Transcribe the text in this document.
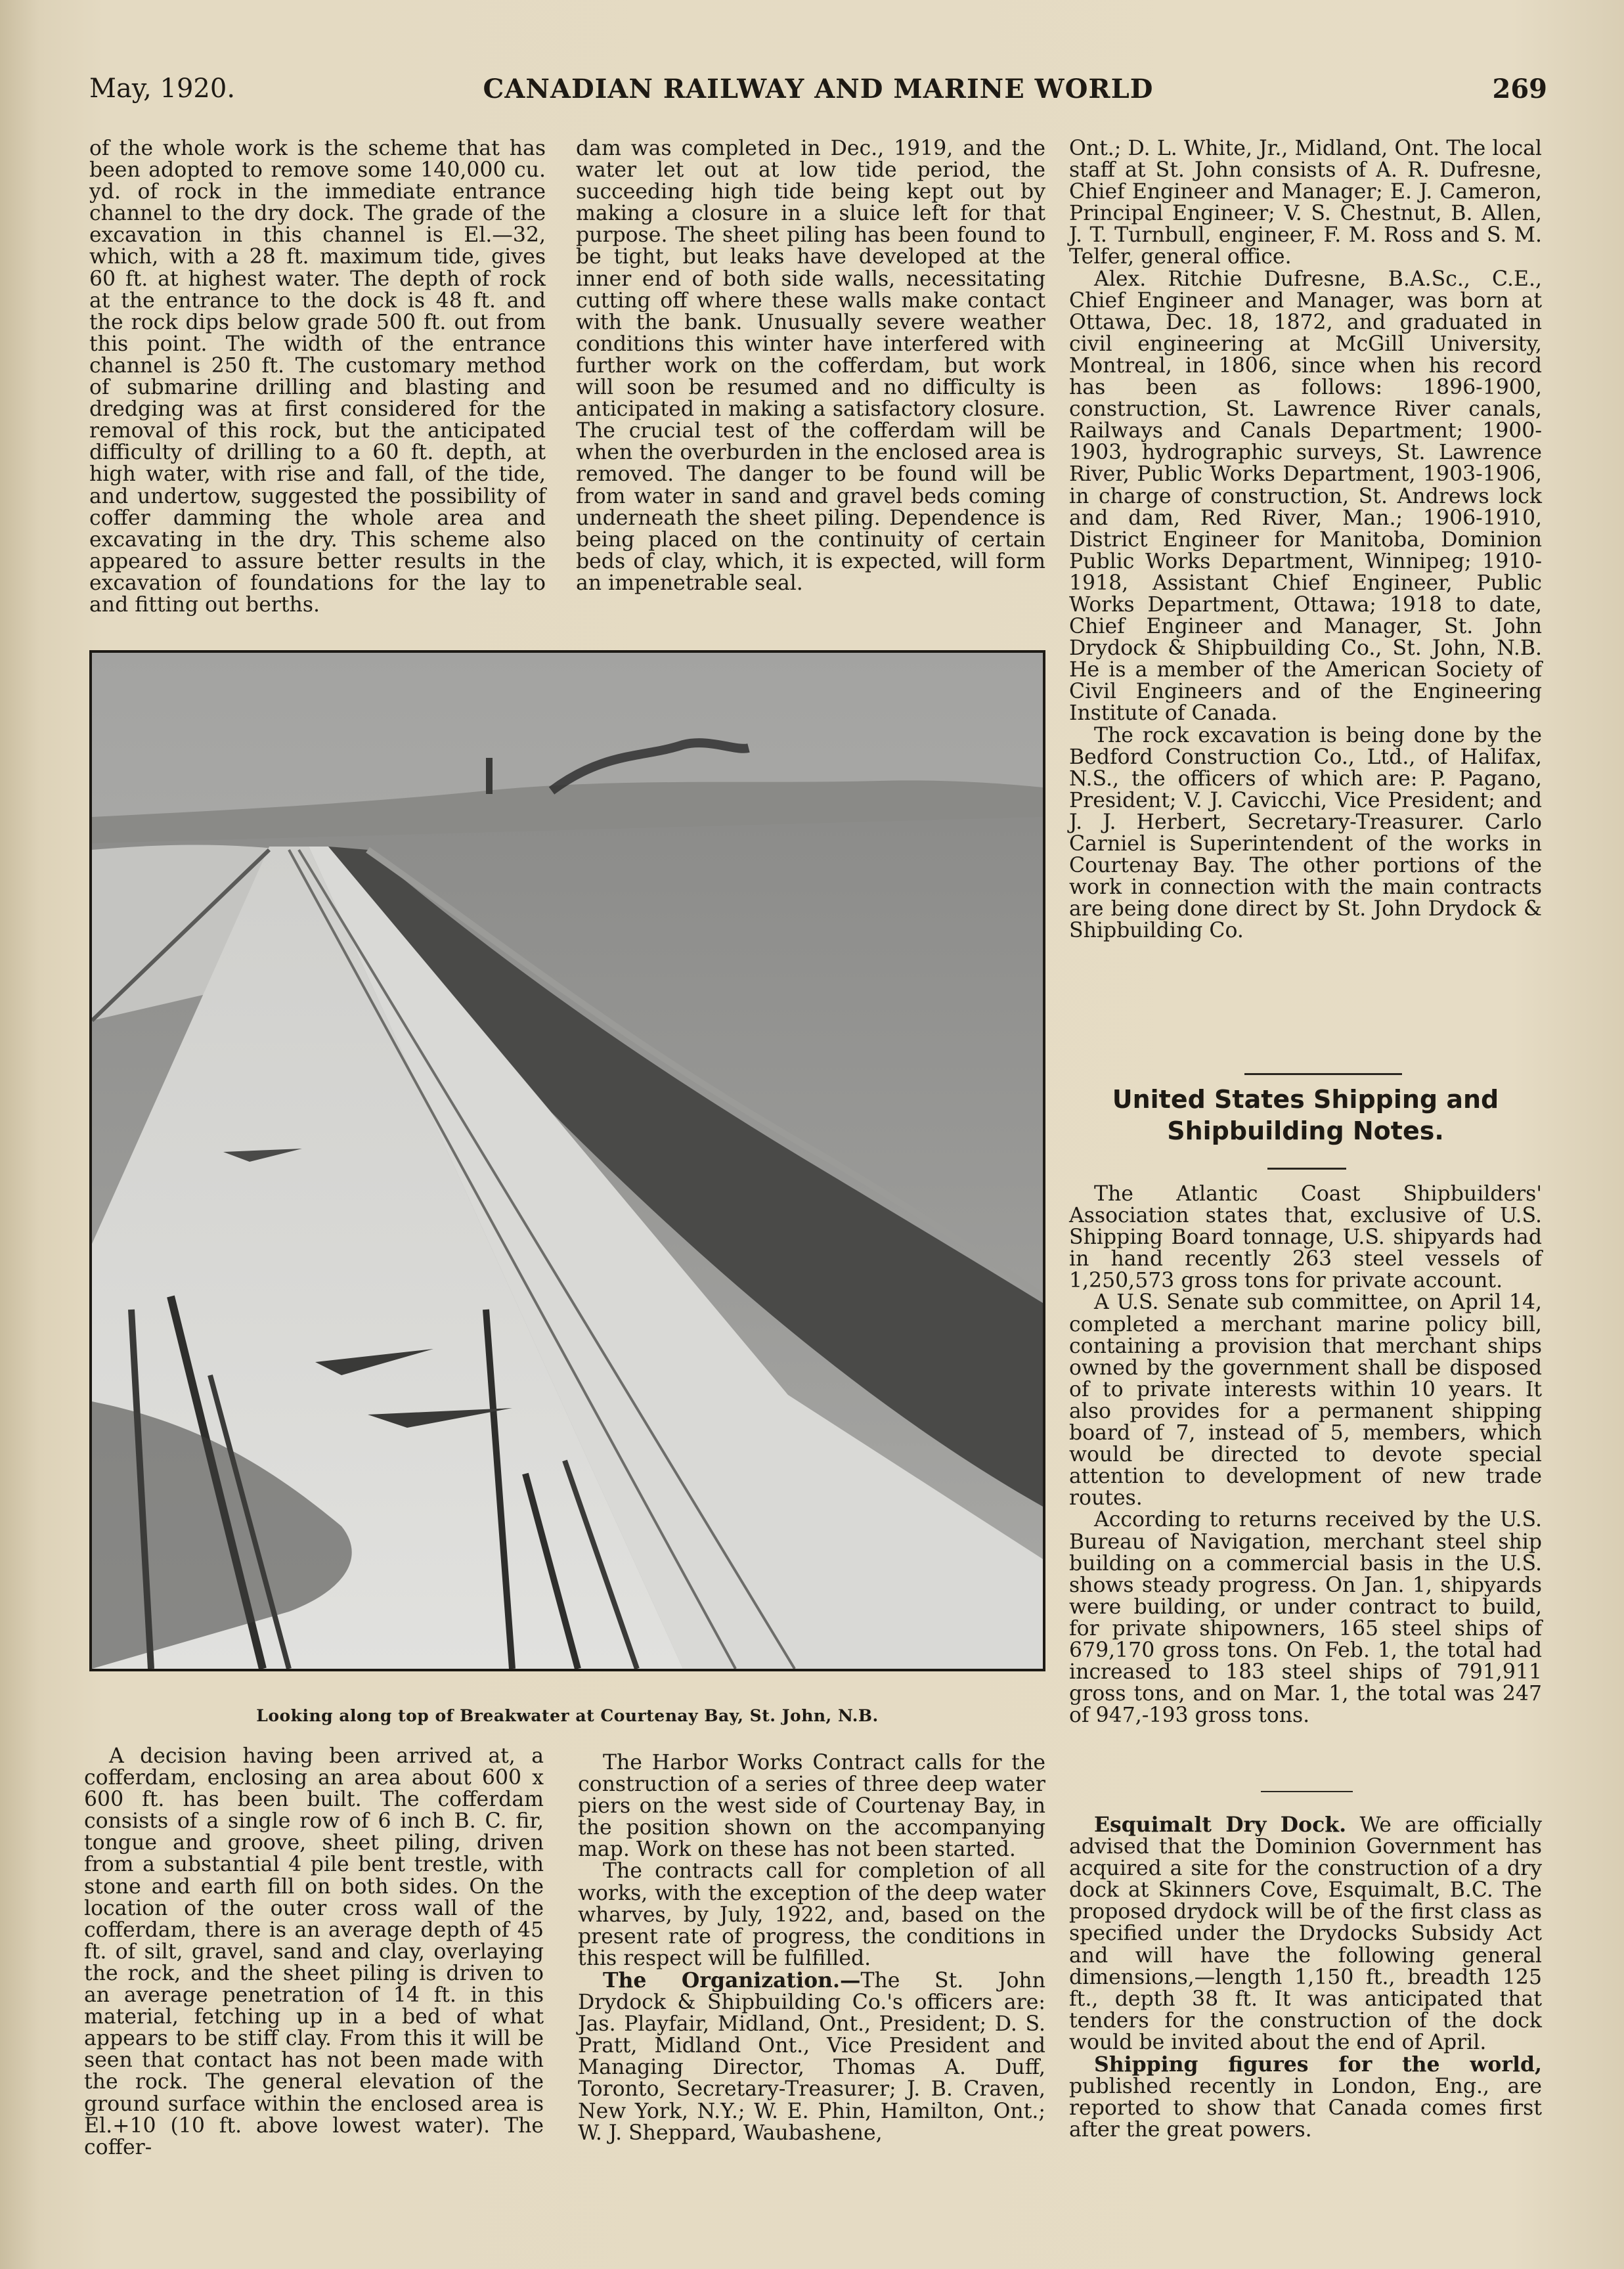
May, 1920.	CANADIAN RAILWAY AND MARINE WORLD	269

of the whole work is the scheme that has been adopted to remove some 140,000 cu. yd. of rock in the immediate entrance channel to the dry dock. The grade of the excavation in this channel is El.—32, which, with a 28 ft. maximum tide, gives 60 ft. at highest water. The depth of rock at the entrance to the dock is 48 ft. and the rock dips below grade 500 ft. out from this point. The width of the entrance channel is 250 ft. The customary method of submarine drilling and blasting and dredging was at first considered for the removal of this rock, but the anticipated difficulty of drilling to a 60 ft. depth, at high water, with rise and fall, of the tide, and undertow, suggested the possibility of coffer damming the whole area and excavating in the dry. This scheme also appeared to assure better results in the excavation of foundations for the lay to and fitting out berths.

dam was completed in Dec., 1919, and the water let out at low tide period, the succeeding high tide being kept out by making a closure in a sluice left for that purpose. The sheet piling has been found to be tight, but leaks have developed at the inner end of both side walls, necessitating cutting off where these walls make contact with the bank. Unusually severe weather conditions this winter have interfered with further work on the cofferdam, but work will soon be resumed and no difficulty is anticipated in making a satisfactory closure. The crucial test of the cofferdam will be when the overburden in the enclosed area is removed. The danger to be found will be from water in sand and gravel beds coming underneath the sheet piling. Dependence is being placed on the continuity of certain beds of clay, which, it is expected, will form an impenetrable seal.

Ont.; D. L. White, Jr., Midland, Ont. The local staff at St. John consists of A. R. Dufresne, Chief Engineer and Manager; E. J. Cameron, Principal Engineer; V. S. Chestnut, B. Allen, J. T. Turnbull, engineer, F. M. Ross and S. M. Telfer, general office.

Alex. Ritchie Dufresne, B.A.Sc., C.E., Chief Engineer and Manager, was born at Ottawa, Dec. 18, 1872, and graduated in civil engineering at McGill University, Montreal, in 1806, since when his record has been as follows: 1896-1900, construction, St. Lawrence River canals, Railways and Canals Department; 1900-1903, hydrographic surveys, St. Lawrence River, Public Works Department, 1903-1906, in charge of construction, St. Andrews lock and dam, Red River, Man.; 1906-1910, District Engineer for Manitoba, Dominion Public Works Department, Winnipeg; 1910-1918, Assistant Chief Engineer, Public Works Department, Ottawa; 1918 to date, Chief Engineer and Manager, St. John Drydock & Shipbuilding Co., St. John, N.B. He is a member of the American Society of Civil Engineers and of the Engineering Institute of Canada.

The rock excavation is being done by the Bedford Construction Co., Ltd., of Halifax, N.S., the officers of which are: P. Pagano, President; V. J. Cavicchi, Vice President; and J. J. Herbert, Secretary-Treasurer. Carlo Carniel is Superintendent of the works in Courtenay Bay. The other portions of the work in connection with the main contracts are being done direct by St. John Drydock & Shipbuilding Co.

United States Shipping and Shipbuilding Notes.

The Atlantic Coast Shipbuilders' Association states that, exclusive of U.S. Shipping Board tonnage, U.S. shipyards had in hand recently 263 steel vessels of 1,250,573 gross tons for private account.

A U.S. Senate sub committee, on April 14, completed a merchant marine policy bill, containing a provision that merchant ships owned by the government shall be disposed of to private interests within 10 years. It also provides for a permanent shipping board of 7, instead of 5, members, which would be directed to devote special attention to development of new trade routes.

According to returns received by the U.S. Bureau of Navigation, merchant steel ship building on a commercial basis in the U.S. shows steady progress. On Jan. 1, shipyards were building, or under contract to build, for private shipowners, 165 steel ships of 679,170 gross tons. On Feb. 1, the total had increased to 183 steel ships of 791,911 gross tons, and on Mar. 1, the total was 247 of 947,-193 gross tons.

Esquimalt Dry Dock. We are officially advised that the Dominion Government has acquired a site for the construction of a dry dock at Skinners Cove, Esquimalt, B.C. The proposed drydock will be of the first class as specified under the Drydocks Subsidy Act and will have the following general dimensions,—length 1,150 ft., breadth 125 ft., depth 38 ft. It was anticipated that tenders for the construction of the dock would be invited about the end of April.

Shipping figures for the world, published recently in London, Eng., are reported to show that Canada comes first after the great powers.

Looking along top of Breakwater at Courtenay Bay, St. John, N.B.

A decision having been arrived at, a cofferdam, enclosing an area about 600 x 600 ft. has been built. The cofferdam consists of a single row of 6 inch B. C. fir, tongue and groove, sheet piling, driven from a substantial 4 pile bent trestle, with stone and earth fill on both sides. On the location of the outer cross wall of the cofferdam, there is an average depth of 45 ft. of silt, gravel, sand and clay, overlaying the rock, and the sheet piling is driven to an average penetration of 14 ft. in this material, fetching up in a bed of what appears to be stiff clay. From this it will be seen that contact has not been made with the rock. The general elevation of the ground surface within the enclosed area is El.+10 (10 ft. above lowest water). The coffer-

The Harbor Works Contract calls for the construction of a series of three deep water piers on the west side of Courtenay Bay, in the position shown on the accompanying map. Work on these has not been started.

The contracts call for completion of all works, with the exception of the deep water wharves, by July, 1922, and, based on the present rate of progress, the conditions in this respect will be fulfilled.

The Organization.—The St. John Drydock & Shipbuilding Co.'s officers are: Jas. Playfair, Midland, Ont., President; D. S. Pratt, Midland Ont., Vice President and Managing Director, Thomas A. Duff, Toronto, Secretary-Treasurer; J. B. Craven, New York, N.Y.; W. E. Phin, Hamilton, Ont.; W. J. Sheppard, Waubashene,
